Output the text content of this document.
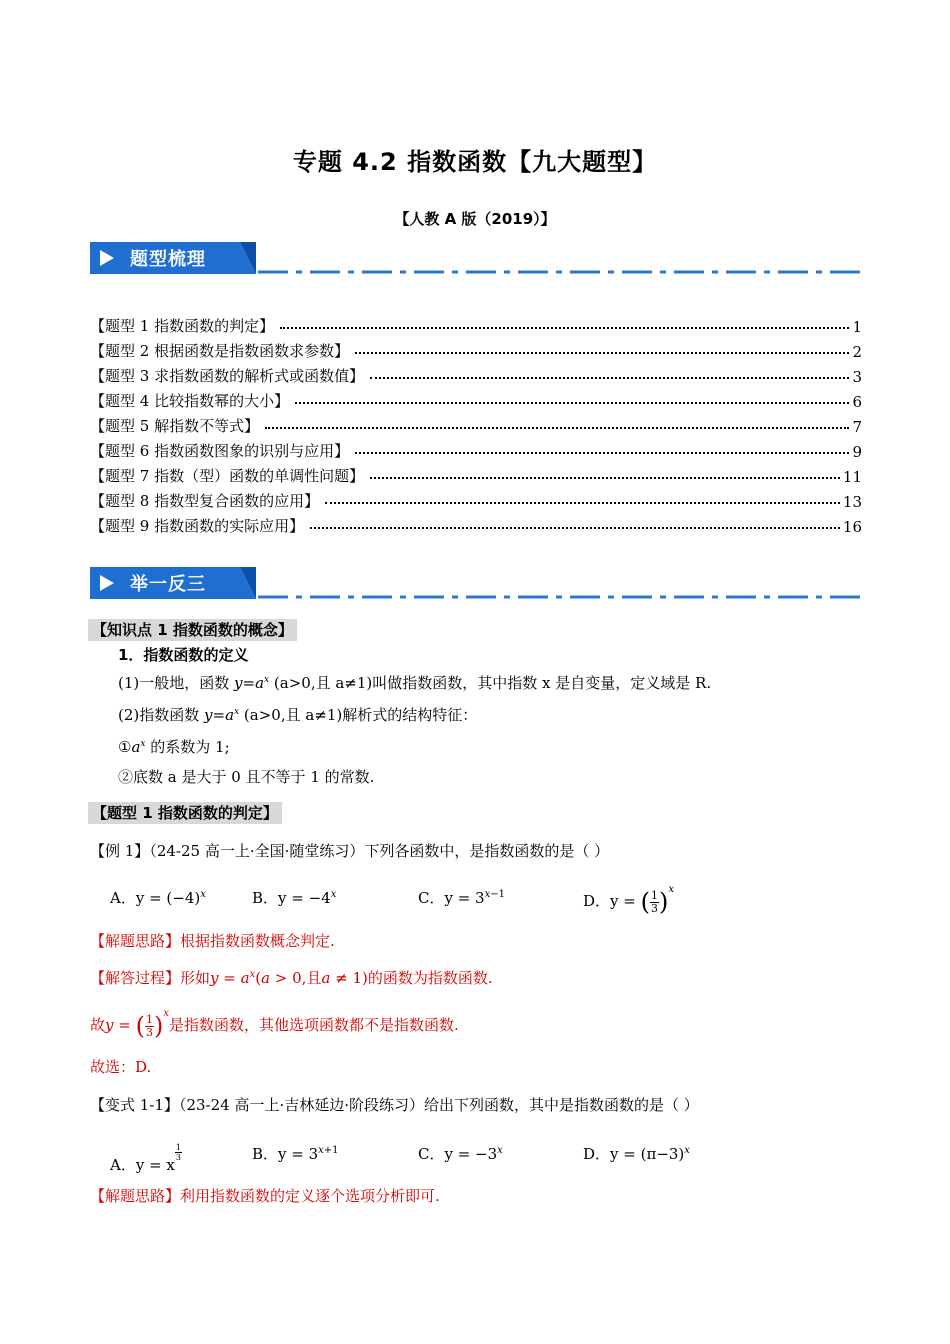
专题 4.2 指数函数【九大题型】
【人教 A 版（2019）】
题型梳理
【题型 1 指数函数的判定】	1
【题型 2 根据函数是指数函数求参数】	2
【题型 3 求指数函数的解析式或函数值】	3
【题型 4 比较指数幂的大小】	6
【题型 5 解指数不等式】	7
【题型 6 指数函数图象的识别与应用】	9
【题型 7 指数（型）函数的单调性问题】	11
【题型 8 指数型复合函数的应用】	13
【题型 9 指数函数的实际应用】	16
举一反三
【知识点 1 指数函数的概念】
1．指数函数的定义
(1)一般地，函数 $y=a^x$ (a>0,且 a≠1)叫做指数函数，其中指数 x 是自变量，定义域是 R.
(2)指数函数 $y=a^x$ (a>0,且 a≠1)解析式的结构特征：
$①a^x$ 的系数为 1;
②底数 a 是大于 0 且不等于 1 的常数.
【题型 1 指数函数的判定】
【例 1】（24-25 高一上·全国·随堂练习）下列各函数中，是指数函数的是（ ）
A．$y = (-4)^x$	B．$y = -4^x$	C．$y = 3^{x-1}$	D．y = ( $\frac{1}{3} )^x$
【解题思路】根据指数函数概念判定.
【解答过程】形如$y = a^x(a > 0$,且a ≠ 1)的函数为指数函数.
故y = ( $\frac{1}{3} )^x$是指数函数，其他选项函数都不是指数函数.
故选：D.
【变式 1-1】（23-24 高一上·吉林延边·阶段练习）给出下列函数，其中是指数函数的是（ ）
A．y = x
$\frac{1}{3}$	B．$y = 3^{x+1}$	C．$y = -3^x$	D．$y = (\pi-3)^x$
【解题思路】利用指数函数的定义逐个选项分析即可.
